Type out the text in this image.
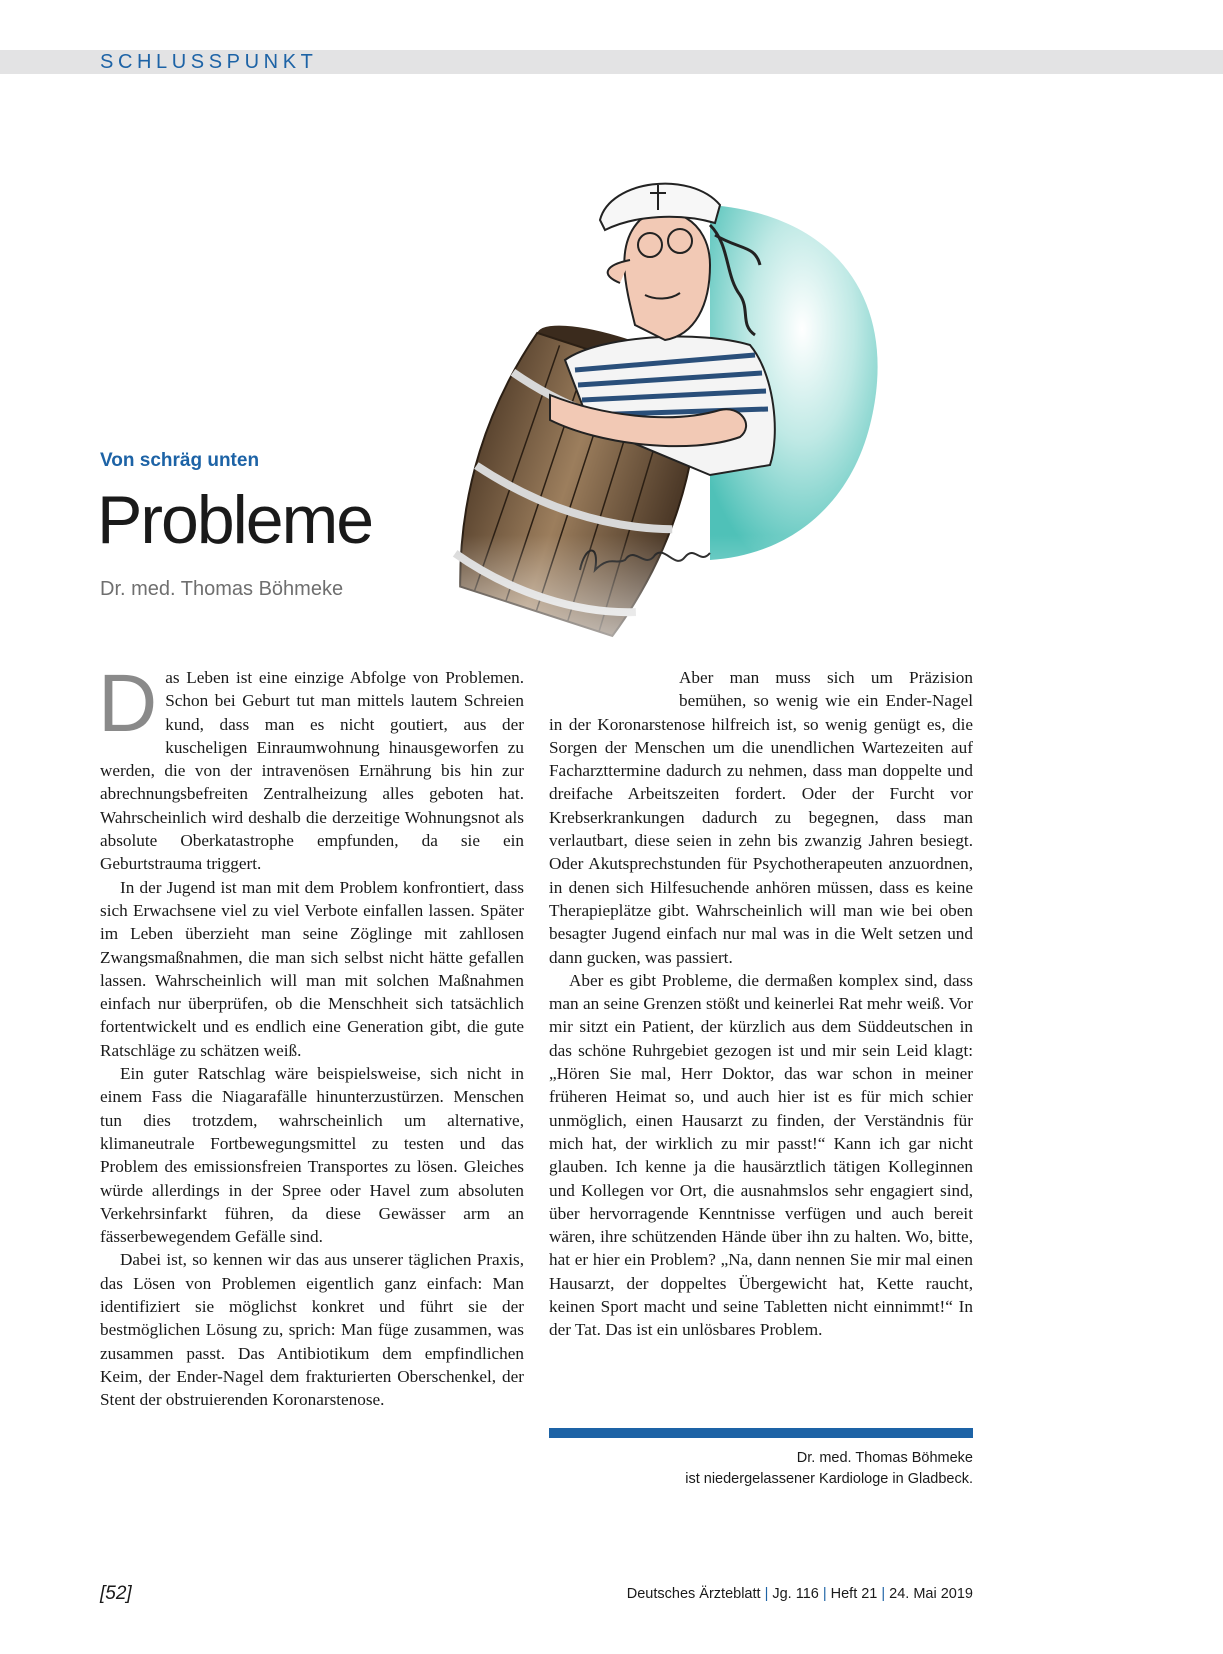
SCHLUSSPUNKT
Von schräg unten
Probleme
Dr. med. Thomas Böhmeke

Das Leben ist eine einzige Abfolge von Problemen. Schon bei Geburt tut man mittels lautem Schreien kund, dass man es nicht goutiert, aus der kuscheligen Einraumwohnung hinausgeworfen zu werden, die von der intravenösen Ernährung bis hin zur abrechnungsbefreiten Zentralheizung alles geboten hat. Wahrscheinlich wird deshalb die derzeitige Wohnungsnot als absolute Oberkatastrophe empfunden, da sie ein Geburtstrauma triggert.

In der Jugend ist man mit dem Problem konfrontiert, dass sich Erwachsene viel zu viel Verbote einfallen lassen. Später im Leben überzieht man seine Zöglinge mit zahllosen Zwangsmaßnahmen, die man sich selbst nicht hätte gefallen lassen. Wahrscheinlich will man mit solchen Maßnahmen einfach nur überprüfen, ob die Menschheit sich tatsächlich fortentwickelt und es endlich eine Generation gibt, die gute Ratschläge zu schätzen weiß.

Ein guter Ratschlag wäre beispielsweise, sich nicht in einem Fass die Niagarafälle hinunterzustürzen. Menschen tun dies trotzdem, wahrscheinlich um alternative, klimaneutrale Fortbewegungsmittel zu testen und das Problem des emissionsfreien Transportes zu lösen. Gleiches würde allerdings in der Spree oder Havel zum absoluten Verkehrsinfarkt führen, da diese Gewässer arm an fässerbewegendem Gefälle sind.

Dabei ist, so kennen wir das aus unserer täglichen Praxis, das Lösen von Problemen eigentlich ganz einfach: Man identifiziert sie möglichst konkret und führt sie der bestmöglichen Lösung zu, sprich: Man füge zusammen, was zusammen passt. Das Antibiotikum dem empfindlichen Keim, der Ender-Nagel dem frakturierten Oberschenkel, der Stent der obstruierenden Koronarstenose.

Aber man muss sich um Präzision bemühen, so wenig wie ein Ender-Nagel in der Koronarstenose hilfreich ist, so wenig genügt es, die Sorgen der Menschen um die unendlichen Wartezeiten auf Facharzttermine dadurch zu nehmen, dass man doppelte und dreifache Arbeitszeiten fordert. Oder der Furcht vor Krebserkrankungen dadurch zu begegnen, dass man verlautbart, diese seien in zehn bis zwanzig Jahren besiegt. Oder Akutsprechstunden für Psychotherapeuten anzuordnen, in denen sich Hilfesuchende anhören müssen, dass es keine Therapieplätze gibt. Wahrscheinlich will man wie bei oben besagter Jugend einfach nur mal was in die Welt setzen und dann gucken, was passiert.

Aber es gibt Probleme, die dermaßen komplex sind, dass man an seine Grenzen stößt und keinerlei Rat mehr weiß. Vor mir sitzt ein Patient, der kürzlich aus dem Süddeutschen in das schöne Ruhrgebiet gezogen ist und mir sein Leid klagt: „Hören Sie mal, Herr Doktor, das war schon in meiner früheren Heimat so, und auch hier ist es für mich schier unmöglich, einen Hausarzt zu finden, der Verständnis für mich hat, der wirklich zu mir passt!“ Kann ich gar nicht glauben. Ich kenne ja die hausärztlich tätigen Kolleginnen und Kollegen vor Ort, die ausnahmslos sehr engagiert sind, über hervorragende Kenntnisse verfügen und auch bereit wären, ihre schützenden Hände über ihn zu halten. Wo, bitte, hat er hier ein Problem? „Na, dann nennen Sie mir mal einen Hausarzt, der doppeltes Übergewicht hat, Kette raucht, keinen Sport macht und seine Tabletten nicht einnimmt!“ In der Tat. Das ist ein unlösbares Problem.

Dr. med. Thomas Böhmeke
ist niedergelassener Kardiologe in Gladbeck.
[52]	Deutsches Ärzteblatt | Jg. 116 | Heft 21 | 24. Mai 2019
